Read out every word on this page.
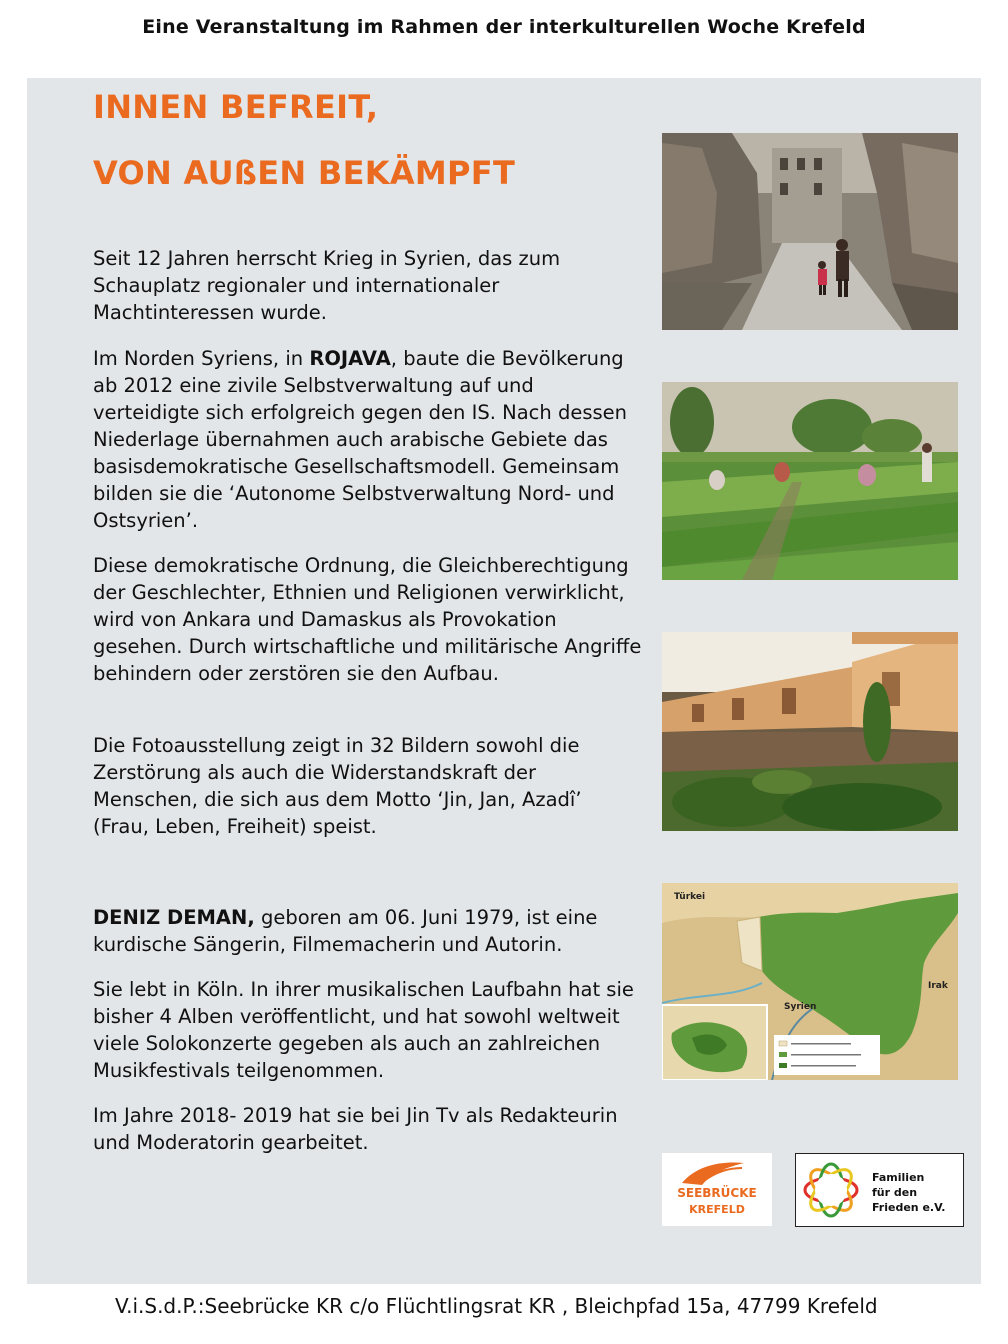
Eine Veranstaltung im Rahmen der interkulturellen Woche Krefeld
INNEN BEFREIT,
VON AUßEN BEKÄMPFT

Seit 12 Jahren herrscht Krieg in Syrien, das zum Schauplatz regionaler und internationaler Machtinteressen wurde.

Im Norden Syriens, in ROJAVA, baute die Bevölkerung ab 2012 eine zivile Selbstverwaltung auf und verteidigte sich erfolgreich gegen den IS. Nach dessen Niederlage übernahmen auch arabische Gebiete das basisdemokratische Gesellschaftsmodell. Gemeinsam bilden sie die ‘Autonome Selbstverwaltung Nord- und Ostsyrien’.

Diese demokratische Ordnung, die Gleichberechtigung der Geschlechter, Ethnien und Religionen verwirklicht, wird von Ankara und Damaskus als Provokation gesehen. Durch wirtschaftliche und militärische Angriffe behindern oder zerstören sie den Aufbau.

Die Fotoausstellung zeigt in 32 Bildern sowohl die Zerstörung als auch die Widerstandskraft der Menschen, die sich aus dem Motto ‘Jin, Jan, Azadî’ (Frau, Leben, Freiheit) speist.

DENIZ DEMAN, geboren am 06. Juni 1979, ist eine kurdische Sängerin, Filmemacherin und Autorin.

Sie lebt in Köln. In ihrer musikalischen Laufbahn hat sie bisher 4 Alben veröffentlicht, und hat sowohl weltweit viele Solokonzerte gegeben als auch an zahlreichen Musikfestivals teilgenommen.

Im Jahre 2018- 2019 hat sie bei Jin Tv als Redakteurin und Moderatorin gearbeitet.

Türkei
Syrien
Irak
SEEBRÜCKE
KREFELD
Familien
für den
Frieden e.V.
V.i.S.d.P.:Seebrücke KR c/o Flüchtlingsrat KR , Bleichpfad 15a, 47799 Krefeld
